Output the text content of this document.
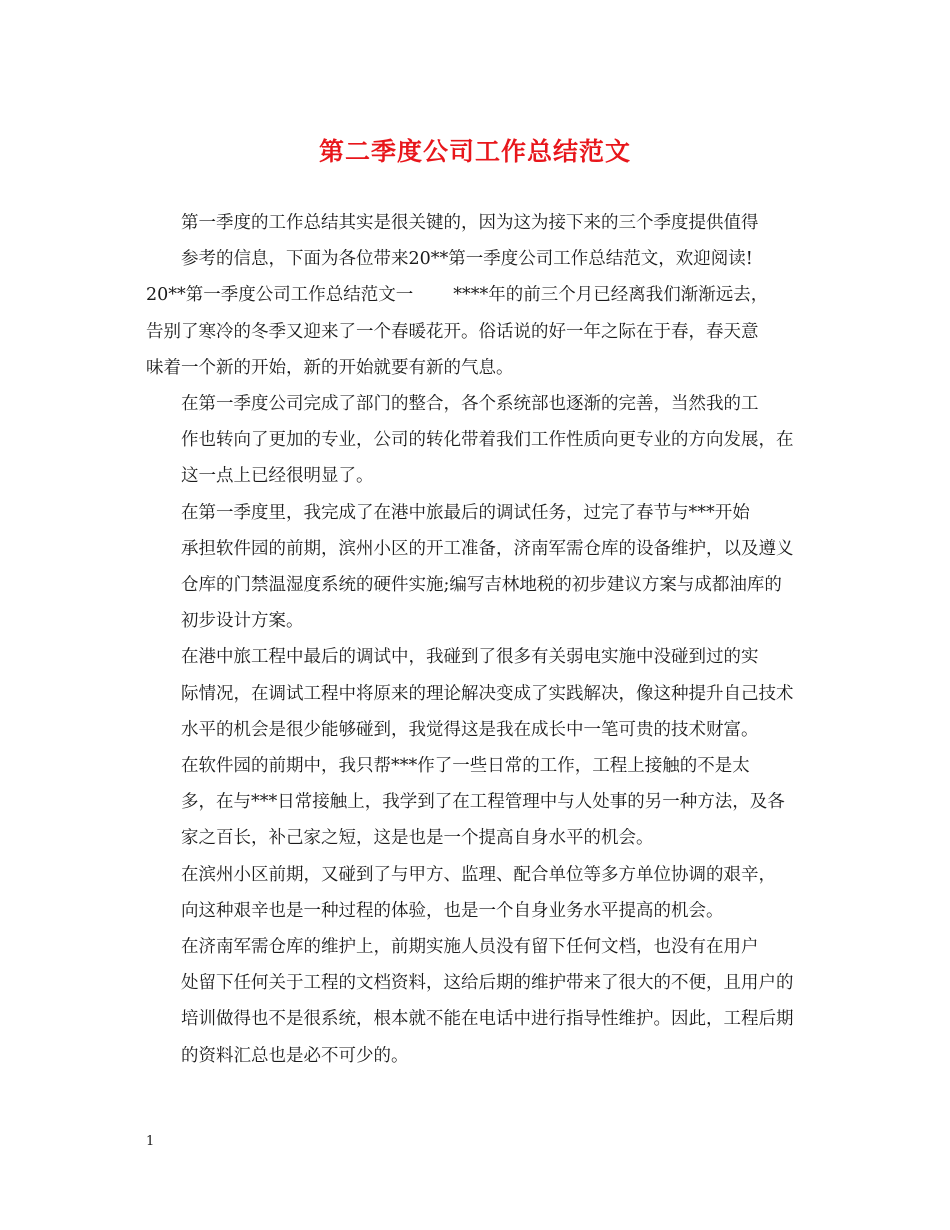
第二季度公司工作总结范文

第一季度的工作总结其实是很关键的，因为这为接下来的三个季度提供值得
参考的信息，下面为各位带来20**第一季度公司工作总结范文，欢迎阅读!

20**第一季度公司工作总结范文一 ****年的前三个月已经离我们渐渐远去，
告别了寒冷的冬季又迎来了一个春暖花开。俗话说的好一年之际在于春，春天意
味着一个新的开始，新的开始就要有新的气息。

在第一季度公司完成了部门的整合，各个系统部也逐渐的完善，当然我的工
作也转向了更加的专业，公司的转化带着我们工作性质向更专业的方向发展，在
这一点上已经很明显了。

在第一季度里，我完成了在港中旅最后的调试任务，过完了春节与***开始
承担软件园的前期，滨州小区的开工准备，济南军需仓库的设备维护，以及遵义
仓库的门禁温湿度系统的硬件实施;编写吉林地税的初步建议方案与成都油库的
初步设计方案。

在港中旅工程中最后的调试中，我碰到了很多有关弱电实施中没碰到过的实
际情况，在调试工程中将原来的理论解决变成了实践解决，像这种提升自己技术
水平的机会是很少能够碰到，我觉得这是我在成长中一笔可贵的技术财富。

在软件园的前期中，我只帮***作了一些日常的工作，工程上接触的不是太
多，在与***日常接触上，我学到了在工程管理中与人处事的另一种方法，及各
家之百长，补己家之短，这是也是一个提高自身水平的机会。

在滨州小区前期，又碰到了与甲方、监理、配合单位等多方单位协调的艰辛，
向这种艰辛也是一种过程的体验，也是一个自身业务水平提高的机会。

在济南军需仓库的维护上，前期实施人员没有留下任何文档，也没有在用户
处留下任何关于工程的文档资料，这给后期的维护带来了很大的不便，且用户的
培训做得也不是很系统，根本就不能在电话中进行指导性维护。因此，工程后期
的资料汇总也是必不可少的。

1
